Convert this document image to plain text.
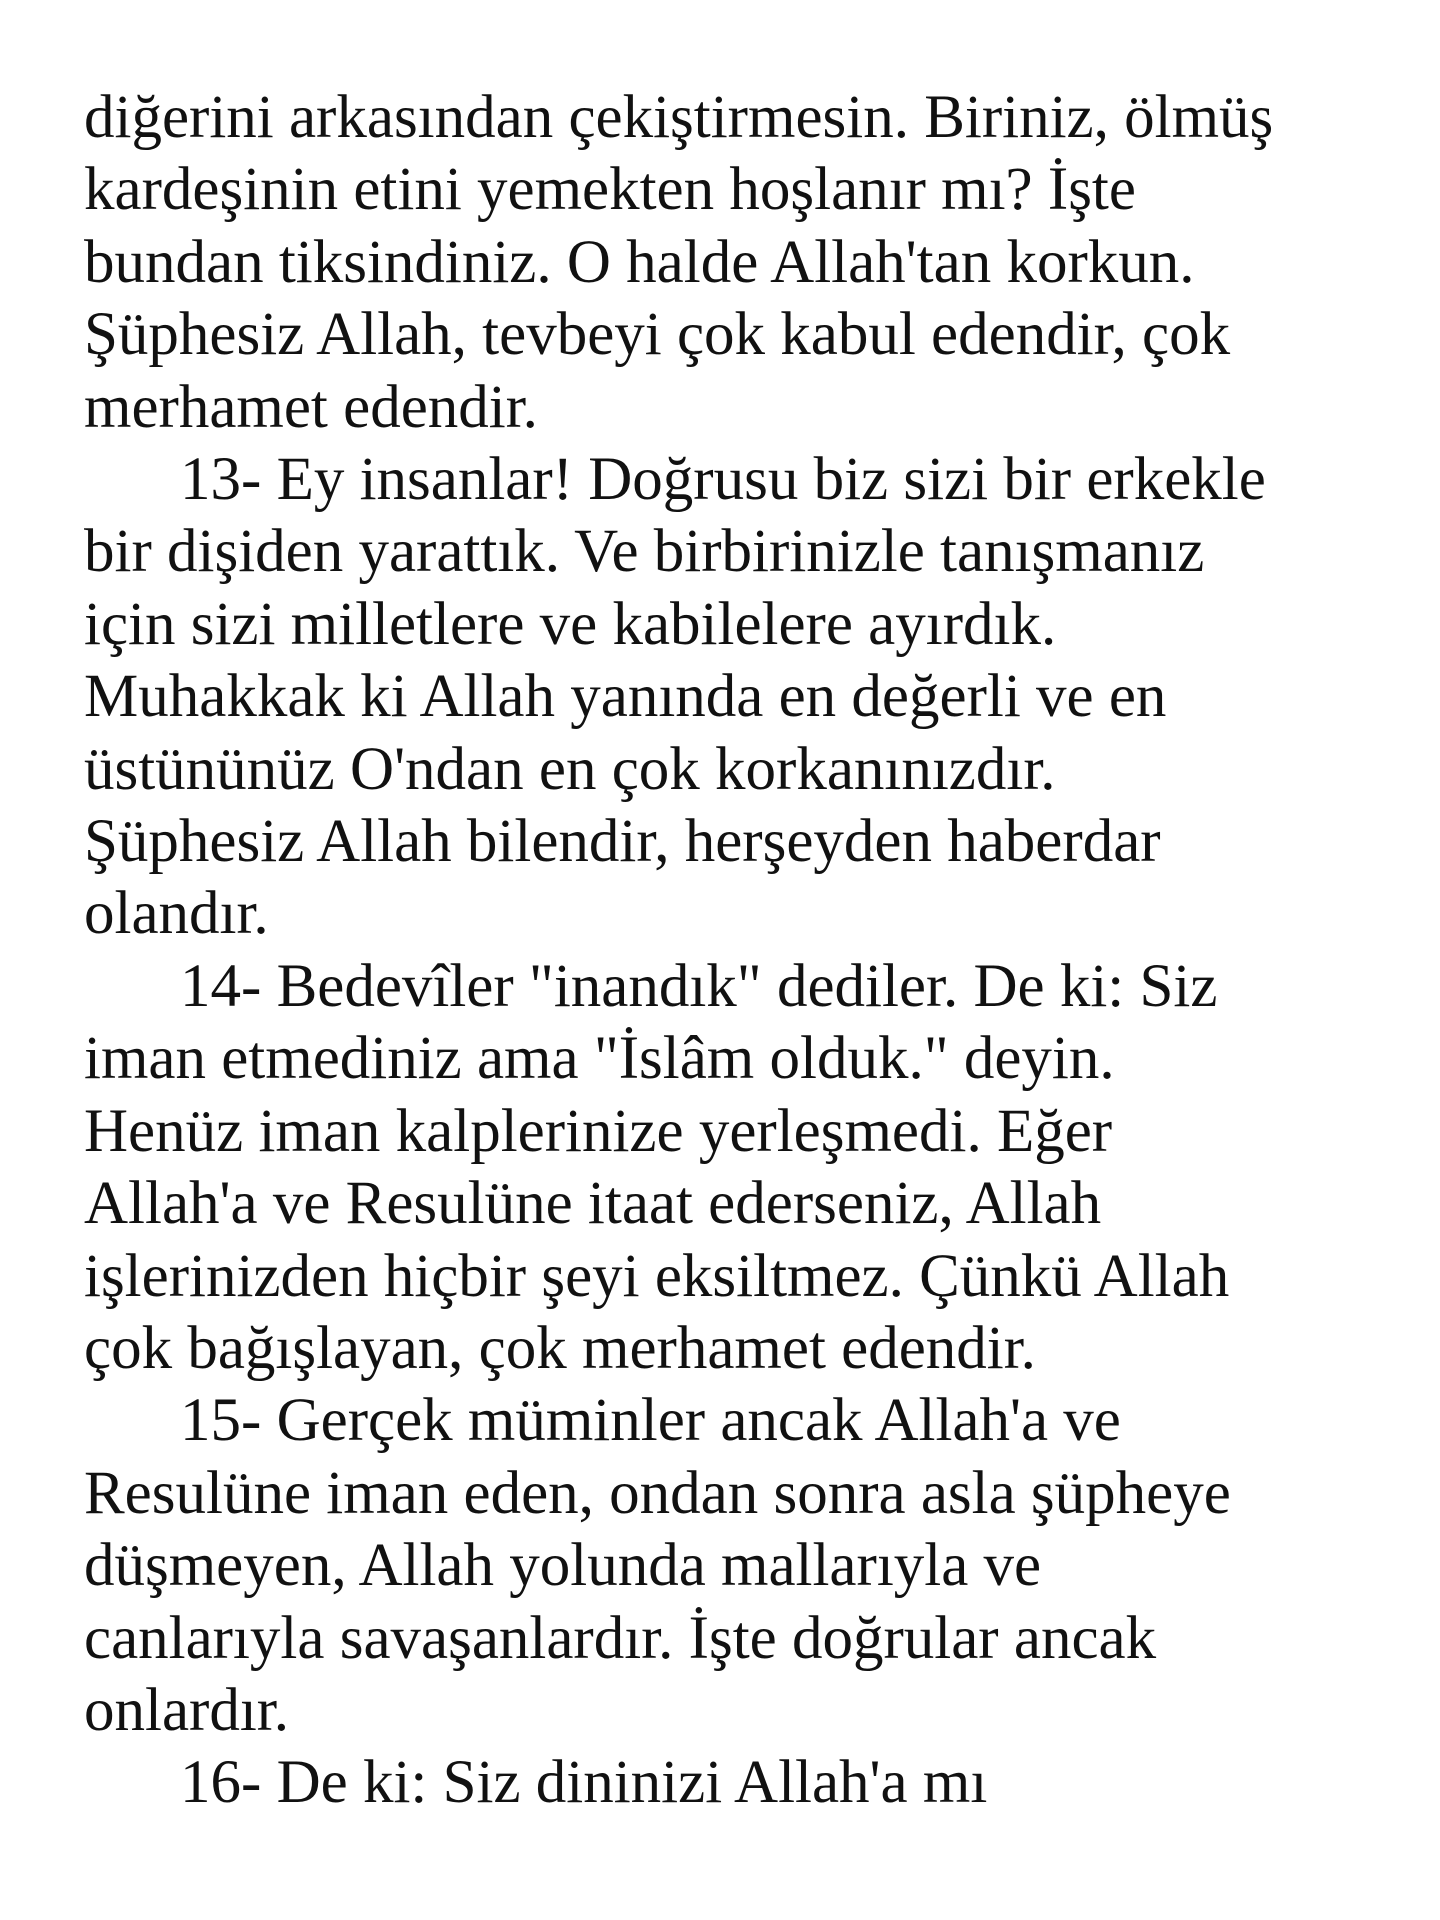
diğerini arkasından çekiştirmesin. Biriniz, ölmüş
kardeşinin etini yemekten hoşlanır mı? İşte
bundan tiksindiniz. O halde Allah'tan korkun.
Şüphesiz Allah, tevbeyi çok kabul edendir, çok
merhamet edendir.
13- Ey insanlar! Doğrusu biz sizi bir erkekle
bir dişiden yarattık. Ve birbirinizle tanışmanız
için sizi milletlere ve kabilelere ayırdık.
Muhakkak ki Allah yanında en değerli ve en
üstününüz O'ndan en çok korkanınızdır.
Şüphesiz Allah bilendir, herşeyden haberdar
olandır.
14- Bedevîler "inandık" dediler. De ki: Siz
iman etmediniz ama "İslâm olduk." deyin.
Henüz iman kalplerinize yerleşmedi. Eğer
Allah'a ve Resulüne itaat ederseniz, Allah
işlerinizden hiçbir şeyi eksiltmez. Çünkü Allah
çok bağışlayan, çok merhamet edendir.
15- Gerçek müminler ancak Allah'a ve
Resulüne iman eden, ondan sonra asla şüpheye
düşmeyen, Allah yolunda mallarıyla ve
canlarıyla savaşanlardır. İşte doğrular ancak
onlardır.
16- De ki: Siz dininizi Allah'a mı
